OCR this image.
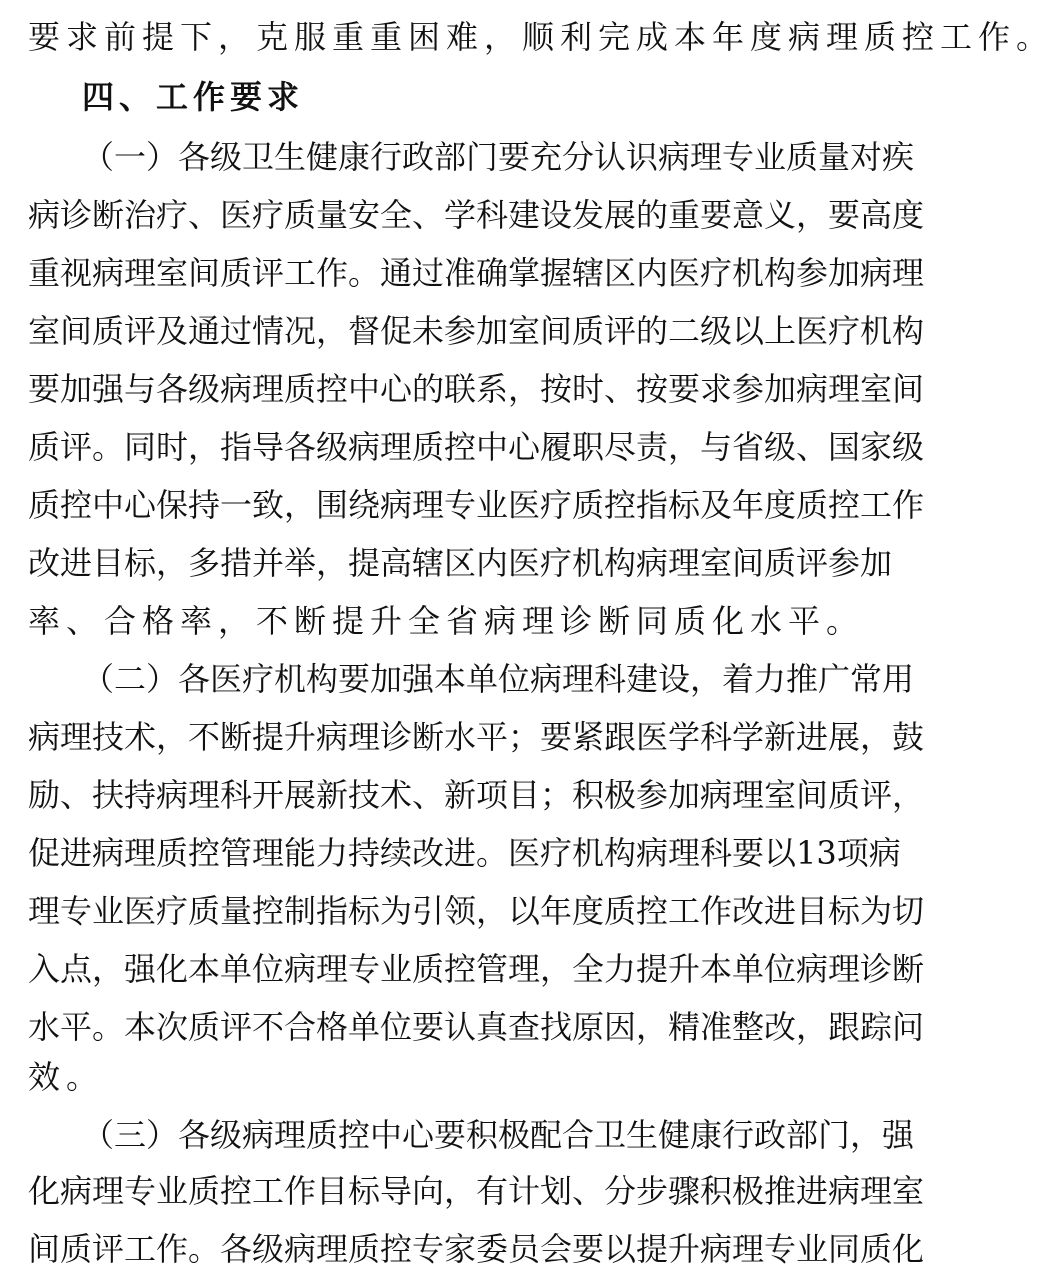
要求前提下，克服重重困难，顺利完成本年度病理质控工作。
四、工作要求
（一）各级卫生健康行政部门要充分认识病理专业质量对疾
病诊断治疗、医疗质量安全、学科建设发展的重要意义，要高度
重视病理室间质评工作。通过准确掌握辖区内医疗机构参加病理
室间质评及通过情况，督促未参加室间质评的二级以上医疗机构
要加强与各级病理质控中心的联系，按时、按要求参加病理室间
质评。同时，指导各级病理质控中心履职尽责，与省级、国家级
质控中心保持一致，围绕病理专业医疗质控指标及年度质控工作
改进目标，多措并举，提高辖区内医疗机构病理室间质评参加
率、合格率，不断提升全省病理诊断同质化水平。
（二）各医疗机构要加强本单位病理科建设，着力推广常用
病理技术，不断提升病理诊断水平；要紧跟医学科学新进展，鼓
励、扶持病理科开展新技术、新项目；积极参加病理室间质评，
促进病理质控管理能力持续改进。医疗机构病理科要以13项病
理专业医疗质量控制指标为引领，以年度质控工作改进目标为切
入点，强化本单位病理专业质控管理，全力提升本单位病理诊断
水平。本次质评不合格单位要认真查找原因，精准整改，跟踪问
效。
（三）各级病理质控中心要积极配合卫生健康行政部门，强
化病理专业质控工作目标导向，有计划、分步骤积极推进病理室
间质评工作。各级病理质控专家委员会要以提升病理专业同质化
